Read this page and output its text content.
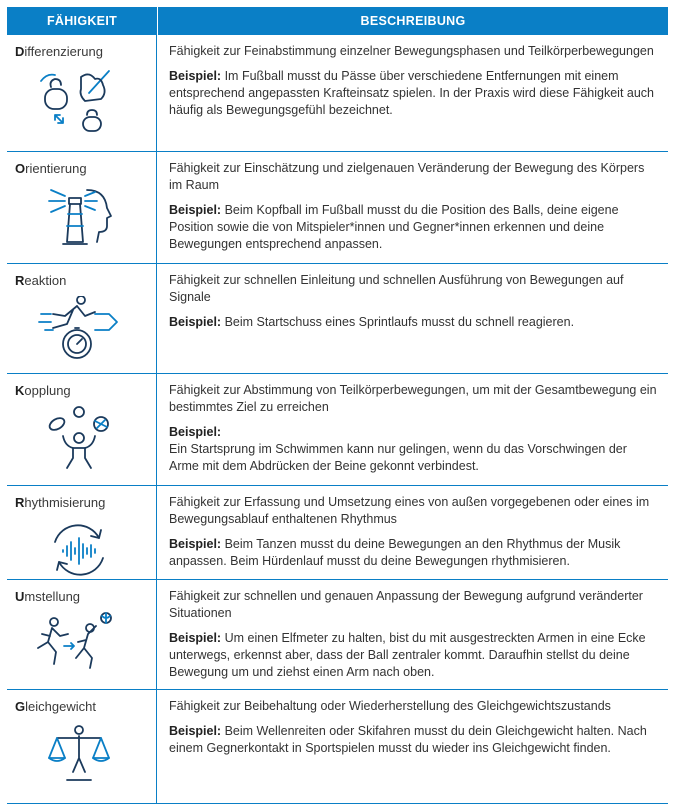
FÄHIGKEIT	BESCHREIBUNG
Differenzierung	Fähigkeit zur Feinabstimmung einzelner Bewegungsphasen und Teilkörperbewegungen

Beispiel: Im Fußball musst du Pässe über verschiedene Entfernungen mit einem entsprechend angepassten Krafteinsatz spielen. In der Praxis wird diese Fähigkeit auch häufig als Bewegungsgefühl bezeichnet.

Orientierung	Fähigkeit zur Einschätzung und zielgenauen Veränderung der Bewegung des Körpers im Raum

Beispiel: Beim Kopfball im Fußball musst du die Position des Balls, deine eigene Position sowie die von Mitspieler*innen und Gegner*innen erkennen und deine Bewegungen entsprechend anpassen.

Reaktion	Fähigkeit zur schnellen Einleitung und schnellen Ausführung von Bewegungen auf Signale

Beispiel: Beim Startschuss eines Sprintlaufs musst du schnell reagieren.

Kopplung	Fähigkeit zur Abstimmung von Teilkörperbewegungen, um mit der Gesamtbewegung ein bestimmtes Ziel zu erreichen

Beispiel:
Ein Startsprung im Schwimmen kann nur gelingen, wenn du das Vorschwingen der Arme mit dem Abdrücken der Beine gekonnt verbindest.

Rhythmisierung	Fähigkeit zur Erfassung und Umsetzung eines von außen vorgegebenen oder eines im Bewegungsablauf enthaltenen Rhythmus

Beispiel: Beim Tanzen musst du deine Bewegungen an den Rhythmus der Musik anpassen. Beim Hürdenlauf musst du deine Bewegungen rhythmisieren.

Umstellung	Fähigkeit zur schnellen und genauen Anpassung der Bewegung aufgrund veränderter Situationen

Beispiel: Um einen Elfmeter zu halten, bist du mit ausgestreckten Armen in eine Ecke unterwegs, erkennst aber, dass der Ball zentraler kommt. Daraufhin stellst du deine Bewegung um und ziehst einen Arm nach oben.

Gleichgewicht	Fähigkeit zur Beibehaltung oder Wiederherstellung des Gleichgewichtszustands

Beispiel: Beim Wellenreiten oder Skifahren musst du dein Gleichgewicht halten. Nach einem Gegnerkontakt in Sportspielen musst du wieder ins Gleichgewicht finden.
